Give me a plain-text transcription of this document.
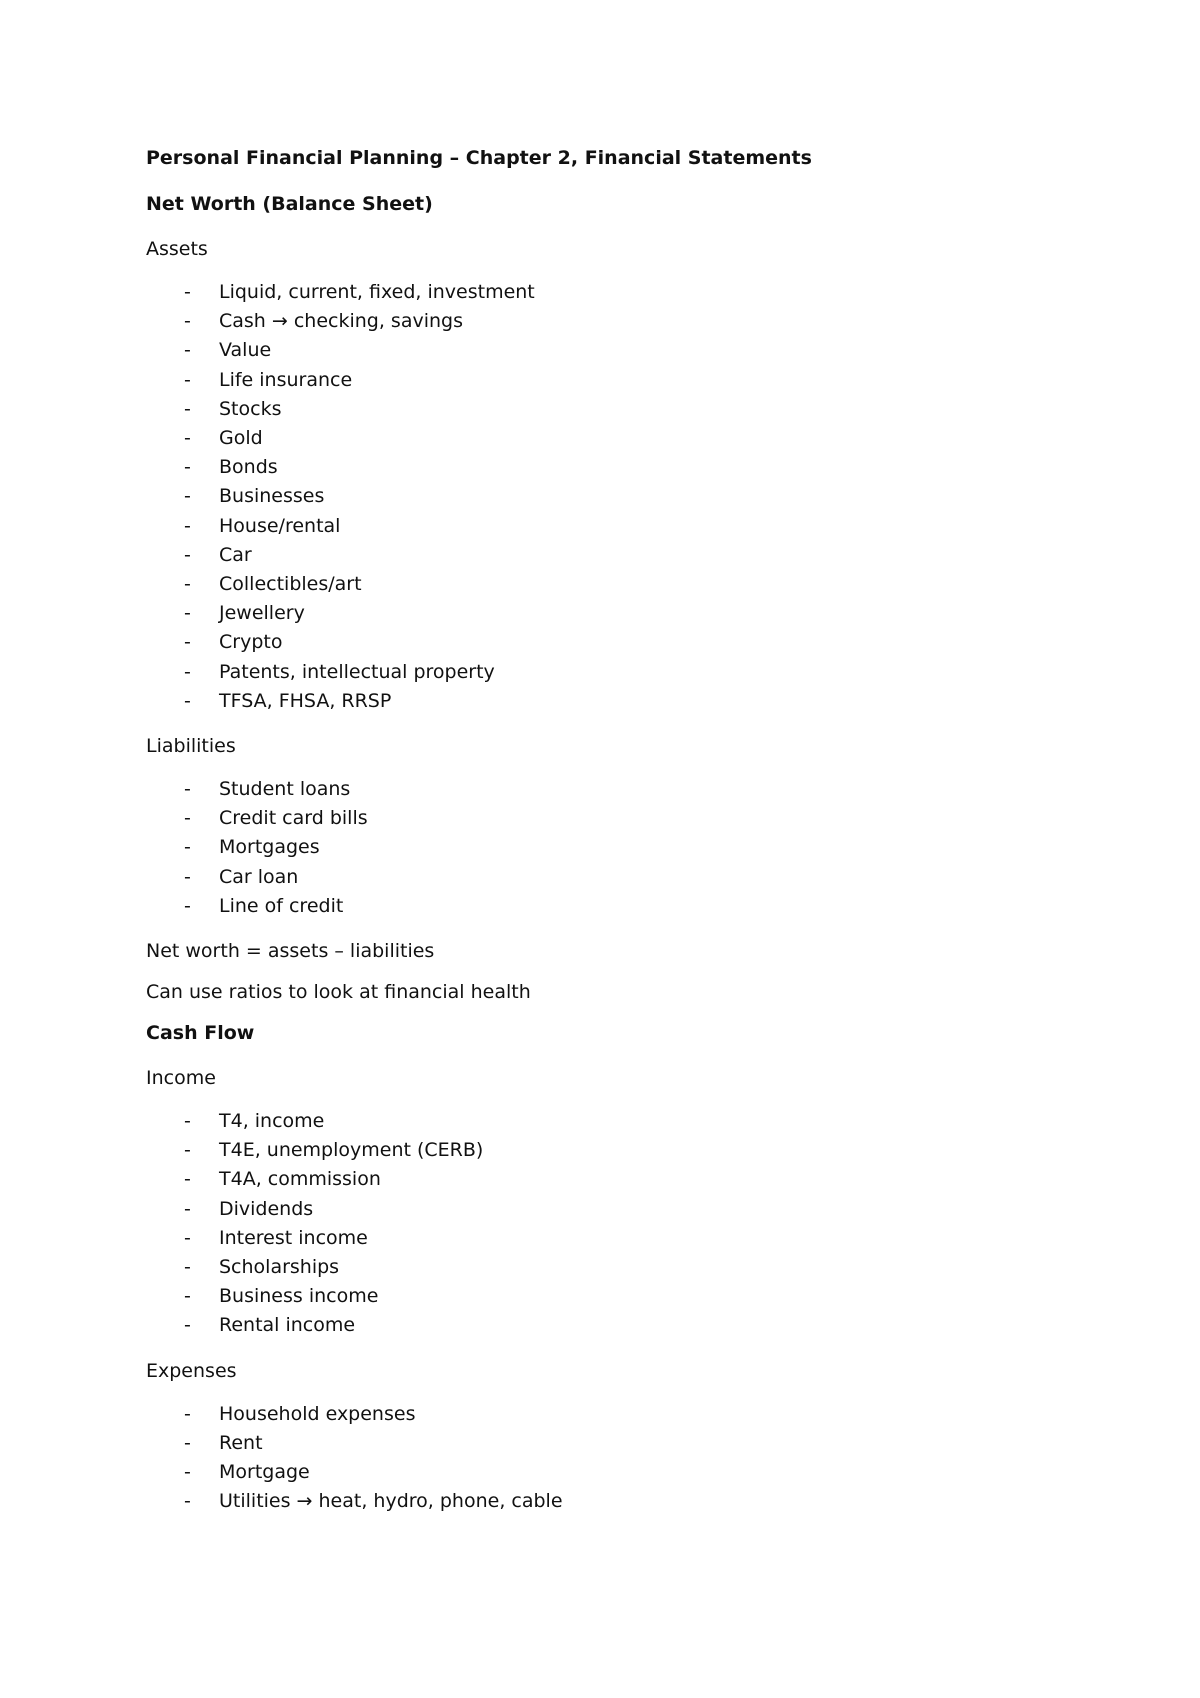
Personal Financial Planning – Chapter 2, Financial Statements

Net Worth (Balance Sheet)

Assets

- Liquid, current, fixed, investment
- Cash → checking, savings
- Value
- Life insurance
- Stocks
- Gold
- Bonds
- Businesses
- House/rental
- Car
- Collectibles/art
- Jewellery
- Crypto
- Patents, intellectual property
- TFSA, FHSA, RRSP

Liabilities

- Student loans
- Credit card bills
- Mortgages
- Car loan
- Line of credit

Net worth = assets – liabilities

Can use ratios to look at financial health

Cash Flow

Income

- T4, income
- T4E, unemployment (CERB)
- T4A, commission
- Dividends
- Interest income
- Scholarships
- Business income
- Rental income

Expenses

- Household expenses
- Rent
- Mortgage
- Utilities → heat, hydro, phone, cable
